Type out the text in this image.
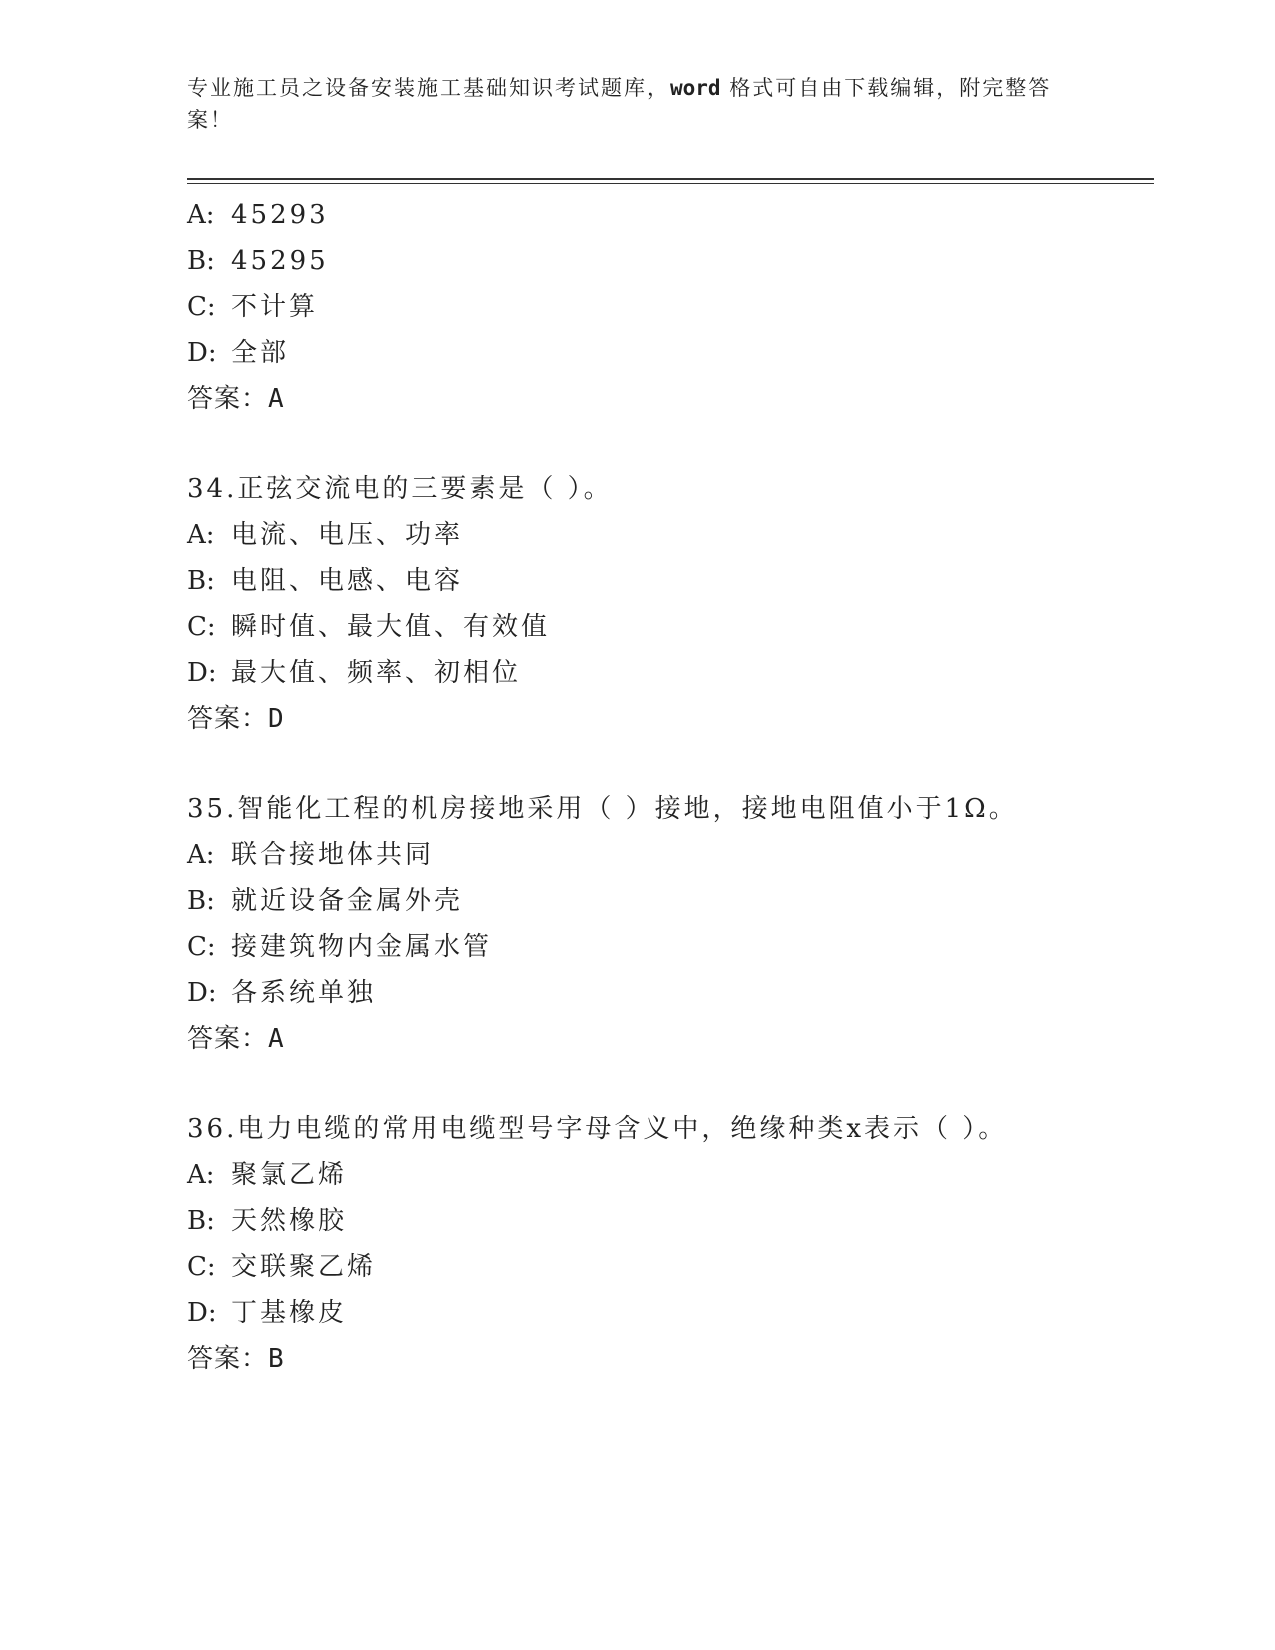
专业施工员之设备安装施工基础知识考试题库，word 格式可自由下载编辑，附完整答案！
A: 45293
B: 45295
C: 不计算
D: 全部
答案：A
34.正弦交流电的三要素是（ ）。
A: 电流、电压、功率
B: 电阻、电感、电容
C: 瞬时值、最大值、有效值
D: 最大值、频率、初相位
答案：D
35.智能化工程的机房接地采用（ ）接地，接地电阻值小于1Ω。
A: 联合接地体共同
B: 就近设备金属外壳
C: 接建筑物内金属水管
D: 各系统单独
答案：A
36.电力电缆的常用电缆型号字母含义中，绝缘种类x表示（ ）。
A: 聚氯乙烯
B: 天然橡胶
C: 交联聚乙烯
D: 丁基橡皮
答案：B
